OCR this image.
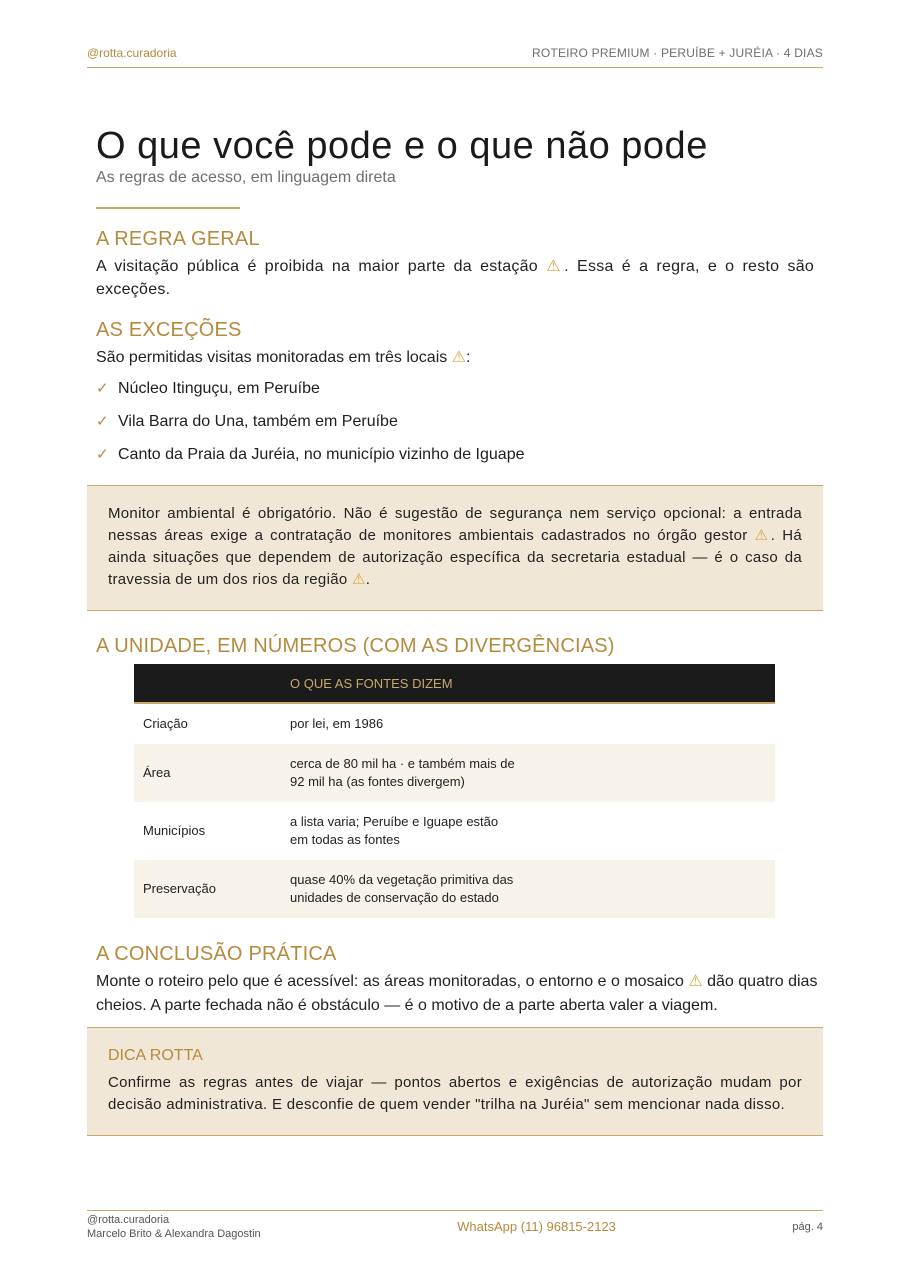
@rotta.curadoria	ROTEIRO PREMIUM · PERUÍBE + JURÉIA · 4 DIAS
O que você pode e o que não pode
As regras de acesso, em linguagem direta
A REGRA GERAL

A visitação pública é proibida na maior parte da estação ⚠. Essa é a regra, e o resto são exceções.

AS EXCEÇÕES

São permitidas visitas monitoradas em três locais ⚠:

✓ Núcleo Itinguçu, em Peruíbe
✓ Vila Barra do Una, também em Peruíbe
✓ Canto da Praia da Juréia, no município vizinho de Iguape

Monitor ambiental é obrigatório. Não é sugestão de segurança nem serviço opcional: a entrada nessas áreas exige a contratação de monitores ambientais cadastrados no órgão gestor ⚠. Há ainda situações que dependem de autorização específica da secretaria estadual — é o caso da travessia de um dos rios da região ⚠.

A UNIDADE, EM NÚMEROS (COM AS DIVERGÊNCIAS)
	O QUE AS FONTES DIZEM
Criação	por lei, em 1986
Área	cerca de 80 mil ha · e também mais de
92 mil ha (as fontes divergem)
Municípios	a lista varia; Peruíbe e Iguape estão
em todas as fontes
Preservação	quase 40% da vegetação primitiva das
unidades de conservação do estado
A CONCLUSÃO PRÁTICA

Monte o roteiro pelo que é acessível: as áreas monitoradas, o entorno e o mosaico ⚠ dão quatro dias cheios. A parte fechada não é obstáculo — é o motivo de a parte aberta valer a viagem.

DICA ROTTA

Confirme as regras antes de viajar — pontos abertos e exigências de autorização mudam por decisão administrativa. E desconfie de quem vender "trilha na Juréia" sem mencionar nada disso.

@rotta.curadoria
Marcelo Brito & Alexandra Dagostin	WhatsApp (11) 96815-2123	pág. 4
